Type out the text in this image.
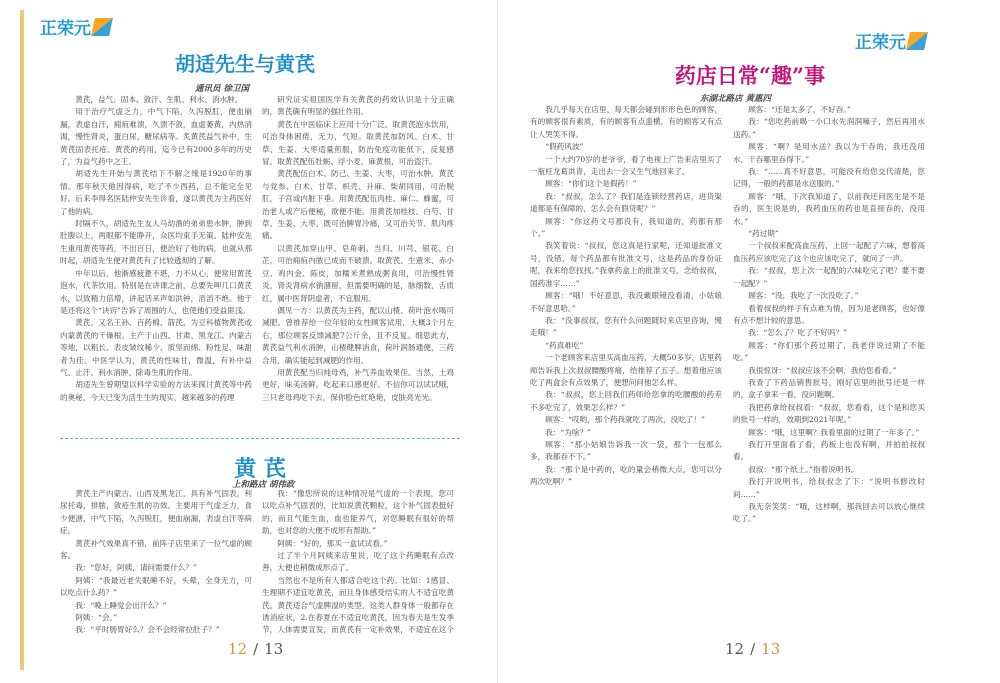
正荣元
正荣元
胡适先生与黄芪
通讯员 徐卫国

黄芪，益气、固本、敛汗、生肌、利水、消水肿。

用于治疗气虚乏力，中气下陷，久泻脱肛，便血崩漏，表虚自汗，痈疽难溃，久溃不敛，血虚萎黄，内热消渴，慢性肾炎，蛋白尿，糖尿病等。炙黄芪益气补中，生黄芪固表托疮。黄芪的药用，迄今已有2000多年的历史了，为益气药中之王。

胡适先生开始与黄芪结下不解之缘是1920年的事情。那年秋天他因得病，吃了不少西药，总不能完全见好。后来李得名医陆仲安先生诊看，遂以黄芪为主药医好了他的病。

时隔不久，胡适先生友人马幼渔的弟弟患水肿，肿到肚腹以上，两眼都不能睁开，众医均束手无策。陆仲安先生重用黄芪等药，不出百日，便治好了他的病，也就从那时起，胡适先生便对黄芪有了比较透彻的了解。

中年以后，他渐感疲惫不堪，力不从心，便常用黄芪泡水，代茶饮用。特别是在讲课之前，总要先呷几口黄芪水，以致精力倍增，讲起话来声如洪钟，滔滔不绝。他于是还将这个“诀窍”告诉了周围的人，也使他们受益匪浅。

黄芪，又名王孙、百药棉、箭芪，为豆科植物黄芪或内蒙黄芪的干燥根。主产于山西、甘肃、黑龙江、内蒙古等地，以粗长、表皮皱纹稀少、质坚而绵、粉性足、味甜者为佳。中医学认为，黄芪的性味甘，微温，有补中益气、止汗、利水消肿、除毒生肌的作用。

胡适先生曾期望以科学实验的方法来探讨黄芪等中药的奥秘，今天已变为活生生的现实，越来越多的药理

研究证实祖国医学有关黄芪的药效认识是十分正确的，黄芪确有明显的强壮作用。

黄芪在中医临床上应用十分广泛。取黄芪泡水饮用，可治身体困倦，无力，气短。取黄芪加防风、白术、甘草、生姜、大枣适量煎服，防治免疫功能低下，反复感冒。取黄芪配伍牡蛎、浮小麦、麻黄根，可治盗汗。

黄芪配伍白术、防己、生姜、大枣，可治水肿。黄芪与党参、白术、甘草、枳壳、升麻、柴胡同用，可治脱肛，子宫或内脏下垂。用黄芪配伍肉桂、麻仁、蜂蜜，可治老人或产后便秘，欲便不能。用黄芪加桂枝、白芍、甘草、生姜、大枣，既可治脾胃冷痛，又可治关节、肌肉疼痛。

以黄芪加穿山甲、皂角刺、当归、川芎、银花、白芷，可治痈疽内脓已成而不破溃。取黄芪、生薏米、赤小豆、鸡内金、陈皮，加糯米煮熟成粥食用，可治慢性肾炎，肾炎肾病水钠潴留，但需要明确的是，脉细数、舌质红，属中医肾阴虚者，不宜服用。

偶见一方：以黄芪为主药，配以山楂、荷叶泡水喝可减肥。曾推荐给一位年轻的女性顾客试用，大概3个月左右，那位顾客反馈减肥7公斤余，且不反复。细思此方，黄芪益气利水消肿，山楂健脾消食，荷叶润肠通便，三药合用，确实能起到减肥的作用。

用黄芪配当归炖母鸡，补气养血效果佳。当然，土鸡更好，味美汤鲜，吃起来口感更好。不信你可以试试哦，三只老母鸡吃下去，保你脸色红艳艳，皮肤亮光光。

黄 芪
上和路店 胡伟政

黄芪主产内蒙古、山西及黑龙江，具有补气固表，利尿托毒，排脓，敛疮生肌的功效。主要用于气虚乏力，食少便溏，中气下陷，久泻脱肛，便血崩漏，表虚自汗等病症。

黄芪补气效果真不错，前阵子店里来了一位气虚的顾客。

我：“您好，阿姨，请问需要什么？”

阿姨：“我最近老失眠睡不好，头晕，全身无力，可以吃点什么药？”

我：“晚上睡觉会出汗么？”

阿姨：“会。”

我：“平时肠胃好么？会不会经常拉肚子？”

我：“像您所说的这种情况是气虚的一个表现，您可以吃点补气固表的，比如说黄芪颗粒，这个补气固表挺好的，而且气能生血，血也能养气，对您睡眠有很好的帮助，也对您的大便不成形有帮助。”

阿姨：“好的，那买一盒试试看。”

过了半个月阿姨来店里说，吃了这个药睡眠有点改善，大便也稍微成形点了。

当然也不是所有人都适合吃这个药。比如：1感冒、生理期不适宜吃黄芪，而且身体感受结实的人不适宜吃黄芪。黄芪适合气虚脾湿的类型，这类人群身体一般都存在诱消症状，2.在春夏在不适宜吃黄芪，因为春天是生发季节，人体需要宣发，而黄芪有一定补效果，不适宜在这个

药店日常“趣”事
东湖北路店 黄惠四

我几乎每天在店里，每天都会碰到形形色色的顾客，有的顾客很有素质，有的顾客有点蛮横，有的顾客又有点让人哭笑不得。

“假药风波”

一个大约70岁的老爷爷，看了电视上广告来店里买了一瓶枉龙葛洪青，走出去一会又生气地回来了。

顾客：“你们这个是假药！”

我：“叔叔，怎么了？我们是连锁经营药店，进货渠道都是有保障的，怎么会有假货呢？”

顾客：“你这药文号都没有，我知道的，药都有那个。”

我笑着说：“叔叔，您这真是行家呢，还知道批准文号，没错，每个药品都有批准文号，这是药品的身份证呢，我来给您找找。”我拿药盒上的批准文号，念给叔叔，国药准字……”

顾客：“哦！不好意思，我没戴眼镜没看清，小姑娘不好意思哈。”

我：“没事叔叔，您有什么问题随时来店里咨询，慢走哦！”

“药真难吃”

一个老顾客来店里买高血压药，大概50多岁，店里药师告诉我上次叔叔腰酸疼痛，给推荐了五子。想着他应该吃了两盒会有点效果了，便想问问他怎么样。

我：“叔叔，您上回我们药师给您拿的吃腰酸的药差不多吃完了，效果怎么样？”

顾客：“哎哟，那个药我就吃了两次，没吃了！”

我：“为啥？”

顾客：“那小姑娘告诉我一次一袋，那个一包那么多，我都吞不下。”

我：“那个是中药的，吃的量会稍微大点，您可以分两次吃啊？”

顾客：“还是太多了，不好吞。”

我：“您吃药前喝一小口水先润润嗓子，然后再用水送药。”

顾客：“啊？是用水送？我以为干吞的，我还没用水，干吞哪里吞得下。”

我：“……真不好意思，可能没有给您交代清楚，您记得，一般的药都是水送服的。”

顾客：“哦，下次我知道了，以前我还问医生是不是吞的，医生说是的，我药血压的药也是直接吞的，没用水。”

“药过期”

一个叔叔来配高血压药，上回一起配了六味，想着高血压药应该吃完了这个也应该吃完了，就问了一声。

我：“叔叔，您上次一起配的六味吃完了吧？要不要一起配？”

顾客：“没，我吃了一次没吃了。”

看着叔叔的样子有点难为情，因为是老顾客，也好像有点不想计较的意思。

我：“怎么了？吃了不好吗？”

顾客：“你们那个药过期了，我老伴说过期了不能吃。”

我很惊讶：“叔叔应该不会啊，我给您看看。”

我查了下药品销售批号，刚好店里的批号还是一样的，盒子拿来一看，没问题啊。

我把药拿给叔叔看：“叔叔，您看看，这个是和您买的批号一样的，效期到2021年呢。”

顾客：“哦，这里啊？我看里面的过期了一年多了。”

我打开里面看了看，药板上也没有啊，并拍拍叔叔看。

叔叔：“那个纸上。”指着说明书。

我打开说明书，给叔叔念了下：“说明书修改时间……”

我无奈笑笑：“哦，这样啊，那我回去可以放心继续吃了。”

12 / 13	12 / 13
